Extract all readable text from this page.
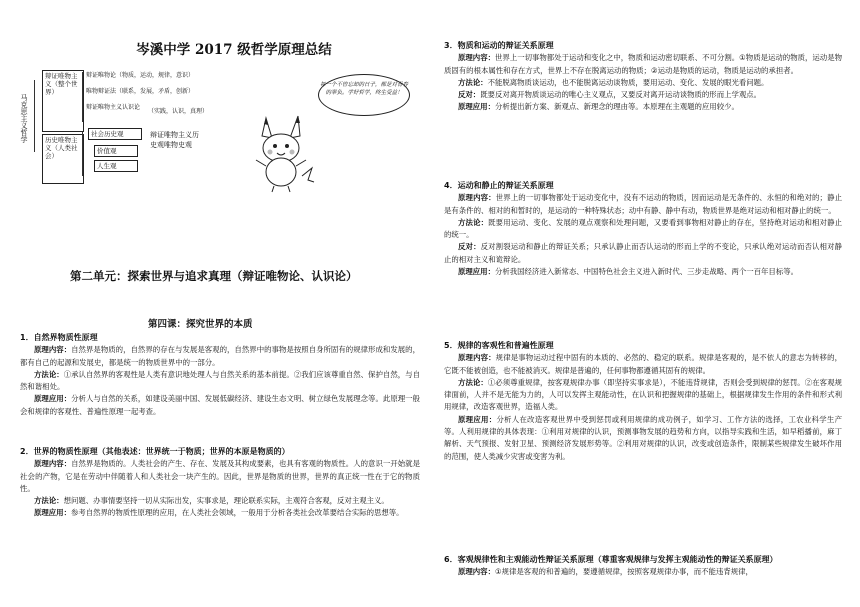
岑溪中学 2017 级哲学原理总结
马克思主义哲学
辩证唯物主义（整个世界）
辩证唯物论（物质，运动，规律，意识）
唯物辩证法（联系，发展，矛盾，创新）
辩证唯物主义认识论
（实践，认识，真理）
历史唯物主义（人类社会）
社会历史观
价值观
人生观
辩证唯物主义历史观唯物史观
每一个不曾忘却的日子，都是对青春的辜负。学好哲学，终生受益！
第二单元：探索世界与追求真理（辩证唯物论、认识论）
第四课：探究世界的本质
1．自然界物质性原理
原理内容：自然界是物质的，自然界的存在与发展是客观的，自然界中的事物是按照自身所固有的规律形成和发展的，都有自己的起源和发展史，都是统一的物质世界中的一部分。
方法论：①承认自然界的客观性是人类有意识地处理人与自然关系的基本前提。②我们应该尊重自然、保护自然，与自然和谐相处。
原理应用：分析人与自然的关系，如建设美丽中国、发展低碳经济、建设生态文明、树立绿色发展理念等。此原理一般会和规律的客观性、普遍性原理一起考查。
2．世界的物质性原理（其他表述：世界统一于物质；世界的本原是物质的）
原理内容：自然界是物质的。人类社会的产生、存在、发展及其构成要素，也具有客观的物质性。人的意识一开始就是社会的产物，它是在劳动中伴随着人和人类社会一块产生的。因此，世界是物质的世界，世界的真正统一性在于它的物质性。
方法论：想问题、办事情要坚持一切从实际出发，实事求是，理论联系实际，主观符合客观，反对主观主义。
原理应用：参考自然界的物质性原理的应用，在人类社会领域，一般用于分析各类社会改革要结合实际的思想等。
3．物质和运动的辩证关系原理
原理内容：世界上一切事物都处于运动和变化之中，物质和运动密切联系、不可分割。①物质是运动的物质，运动是物质固有的根本属性和存在方式，世界上不存在脱离运动的物质；②运动是物质的运动，物质是运动的承担者。
方法论：不能脱离物质谈运动，也不能脱离运动谈物质，要用运动、变化、发展的眼光看问题。
反对：既要反对离开物质谈运动的唯心主义观点，又要反对离开运动谈物质的形而上学观点。
原理应用：分析提出新方案、新观点、新理念的理由等。本原理在主观题的应用较少。
4．运动和静止的辩证关系原理
原理内容：世界上的一切事物都处于运动变化中，没有不运动的物质，因而运动是无条件的、永恒的和绝对的；静止是有条件的、相对的和暂时的，是运动的一种特殊状态；动中有静、静中有动，物质世界是绝对运动和相对静止的统一。
方法论：既要用运动、变化、发展的观点观察和处理问题，又要看到事物相对静止的存在，坚持绝对运动和相对静止的统一。
反对：反对割裂运动和静止的辩证关系；只承认静止而否认运动的形而上学的不变论，只承认绝对运动而否认相对静止的相对主义和诡辩论。
原理应用：分析我国经济进入新常态、中国特色社会主义进入新时代、三步走战略、两个一百年目标等。
5．规律的客观性和普遍性原理
原理内容：规律是事物运动过程中固有的本质的、必然的、稳定的联系。规律是客观的，是不依人的意志为转移的，它既不能被创造，也不能被消灭。规律是普遍的，任何事物都遵循其固有的规律。
方法论：①必须尊重规律，按客观规律办事（即坚持实事求是），不能违背规律，否则会受到规律的惩罚。②在客观规律面前，人并不是无能为力的，人可以发挥主观能动性，在认识和把握规律的基础上，根据规律发生作用的条件和形式利用规律，改造客观世界，造福人类。
原理应用：分析人在改造客观世界中受到惩罚或利用规律的成功例子，如学习、工作方法的选择，工农业科学生产等。人利用规律的具体表现：①利用对规律的认识，预测事物发展的趋势和方向，以指导实践和生活，如早稻播前，麻丁解析、天气预报、发射卫星、预测经济发展形势等。②利用对规律的认识，改变或创造条件，限制某些规律发生破坏作用的范围，使人类减少灾害或变害为利。
6．客观规律性和主观能动性辩证关系原理（尊重客观规律与发挥主观能动性的辩证关系原理）
原理内容：①规律是客观的和普遍的，要遵循规律，按照客观规律办事，而不能违背规律，
